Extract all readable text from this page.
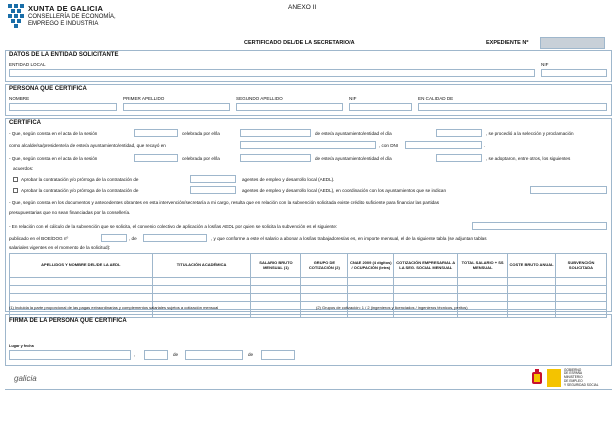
XUNTA DE GALICIA
CONSELLERÍA DE ECONOMÍA,
EMPREGO E INDUSTRIA
ANEXO II
CERTIFICADO DEL/DE LA SECRETARIO/A	EXPEDIENTE Nº
DATOS DE LA ENTIDAD SOLICITANTE
ENTIDAD LOCAL	NIF
PERSONA QUE CERTIFICA
NOMBRE	PRIMER APELLIDO	SEGUNDO APELLIDO	NIF	EN CALIDAD DE
CERTIFICA
- Que, según consta en el acta de la sesión	celebrada por el/la	de este/a ayuntamiento/entidad el día	, se procedió a la selección y proclamación
como alcalde/sa/presidente/a de este/a ayuntamiento/entidad, que recayó en	, con DNI	.
- Que, según consta en el acta de la sesión	celebrada por el/la	de este/a ayuntamiento/entidad el día	, se adoptaron, entre otros, los siguientes
acuerdos:
Aprobar la contratación y/o prórroga de la contratación de	agentes de empleo y desarrollo local (AEDL).
Aprobar la contratación y/o prórroga de la contratación de	agentes de empleo y desarrollo local (AEDL), en coordinación con los ayuntamientos que se indican
- Que, según consta en los documentos y antecedentes obrantes en esta intervención/secretaría a mi cargo, resulta que en relación con la subvención solicitada existe crédito suficiente para financiar las partidas
presupuestarias que no sean financiadas por la consellería.
- En relación con el cálculo de la subvención que se solicita, el convenio colectivo de aplicación a los/las AEDL por quien se solicita la subvención es el siguiente:
publicado en el BOE/DOG nº	, de	, y que conforme a este el salario a abonar a los/las trabajadores/as es, en importe mensual, el de la siguiente tabla (se adjuntan tablas
salariales vigentes en el momento de la solicitud):
APELLIDOS Y NOMBRE DEL/DE LA AEDL	TITULACIÓN ACADÉMICA	SALARIO BRUTO MENSUAL (1)	GRUPO DE COTIZACIÓN (2)	CNAE 2009 (4 dígitos) / OCUPACIÓN (letra)	COTIZACIÓN EMPRESARIAL A LA SEG. SOCIAL MENSUAL	TOTAL SALARIO + SS MENSUAL	COSTE BRUTO ANUAL	SUBVENCIÓN SOLICITADA

(1) Incluida la parte proporcional de las pagas extraordinarias y complementos salariales sujetos a cotización mensual	(2) Grupos de cotización: 1 / 2 (ingenieros y licenciados / ingenieros técnicos, peritos)
FIRMA DE LA PERSONA QUE CERTIFICA
Lugar y fecha
,	de	de
galicia
GOBIERNO
DE ESPAÑA
MINISTERIO
DE EMPLEO
Y SEGURIDAD SOCIAL
